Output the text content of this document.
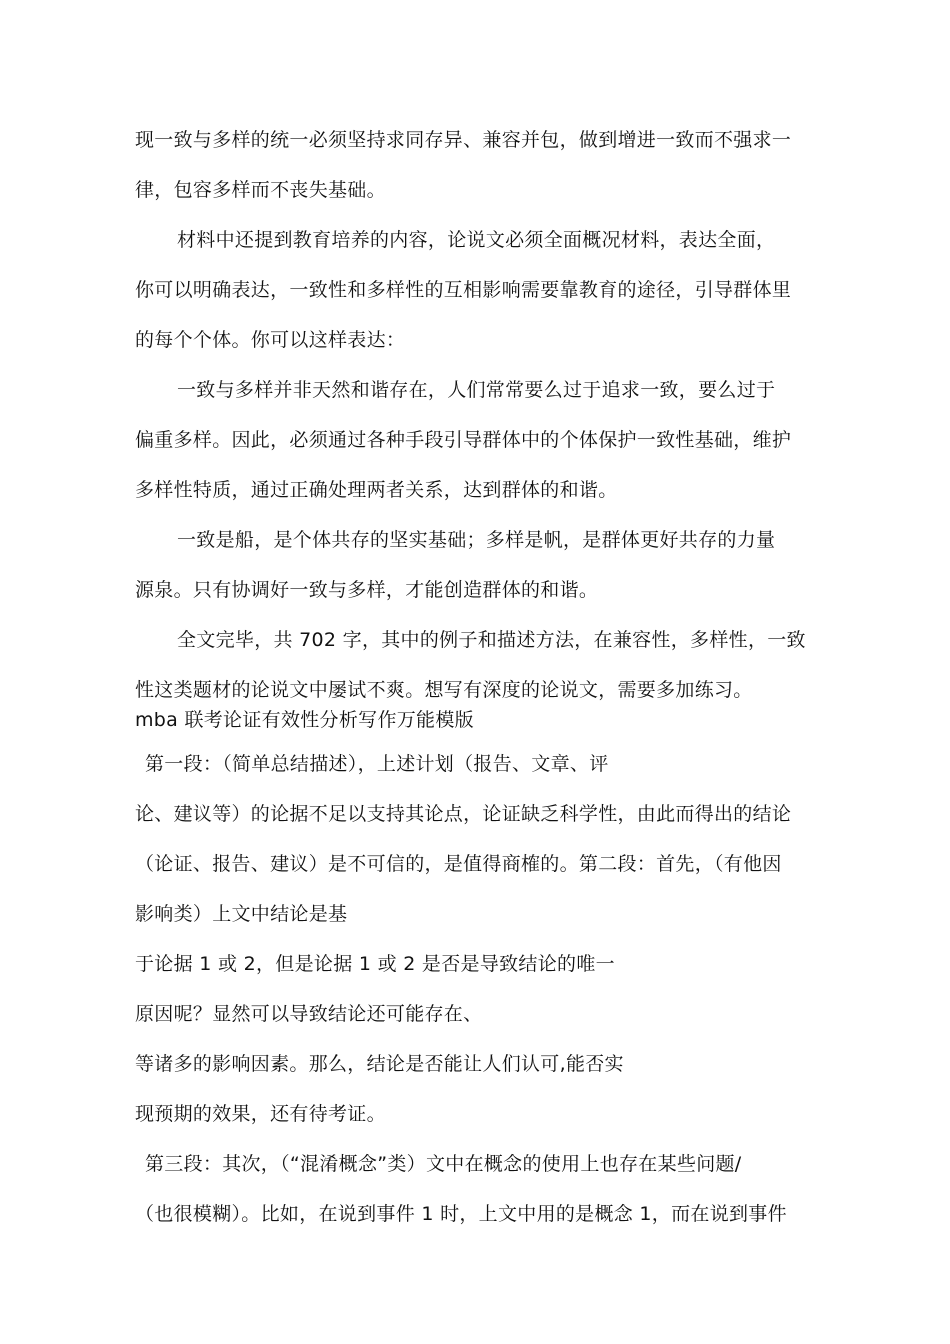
现一致与多样的统一必须坚持求同存异、兼容并包，做到增进一致而不强求一
律，包容多样而不丧失基础。
材料中还提到教育培养的内容，论说文必须全面概况材料，表达全面，
你可以明确表达，一致性和多样性的互相影响需要靠教育的途径，引导群体里
的每个个体。你可以这样表达：
一致与多样并非天然和谐存在，人们常常要么过于追求一致，要么过于
偏重多样。因此，必须通过各种手段引导群体中的个体保护一致性基础，维护
多样性特质，通过正确处理两者关系，达到群体的和谐。
一致是船，是个体共存的坚实基础；多样是帆，是群体更好共存的力量
源泉。只有协调好一致与多样，才能创造群体的和谐。
全文完毕，共 702 字，其中的例子和描述方法，在兼容性，多样性，一致
性这类题材的论说文中屡试不爽。想写有深度的论说文，需要多加练习。
mba 联考论证有效性分析写作万能模版
第一段：（简单总结描述），上述计划（报告、文章、评
论、建议等）的论据不足以支持其论点，论证缺乏科学性，由此而得出的结论
（论证、报告、建议）是不可信的，是值得商榷的。第二段：首先，（有他因
影响类）上文中结论是基
于论据 1 或 2，但是论据 1 或 2 是否是导致结论的唯一
原因呢？显然可以导致结论还可能存在、
等诸多的影响因素。那么，结论是否能让人们认可,能否实
现预期的效果，还有待考证。
第三段：其次，（“混淆概念”类）文中在概念的使用上也存在某些问题/
（也很模糊）。比如，在说到事件 1 时，上文中用的是概念 1，而在说到事件
